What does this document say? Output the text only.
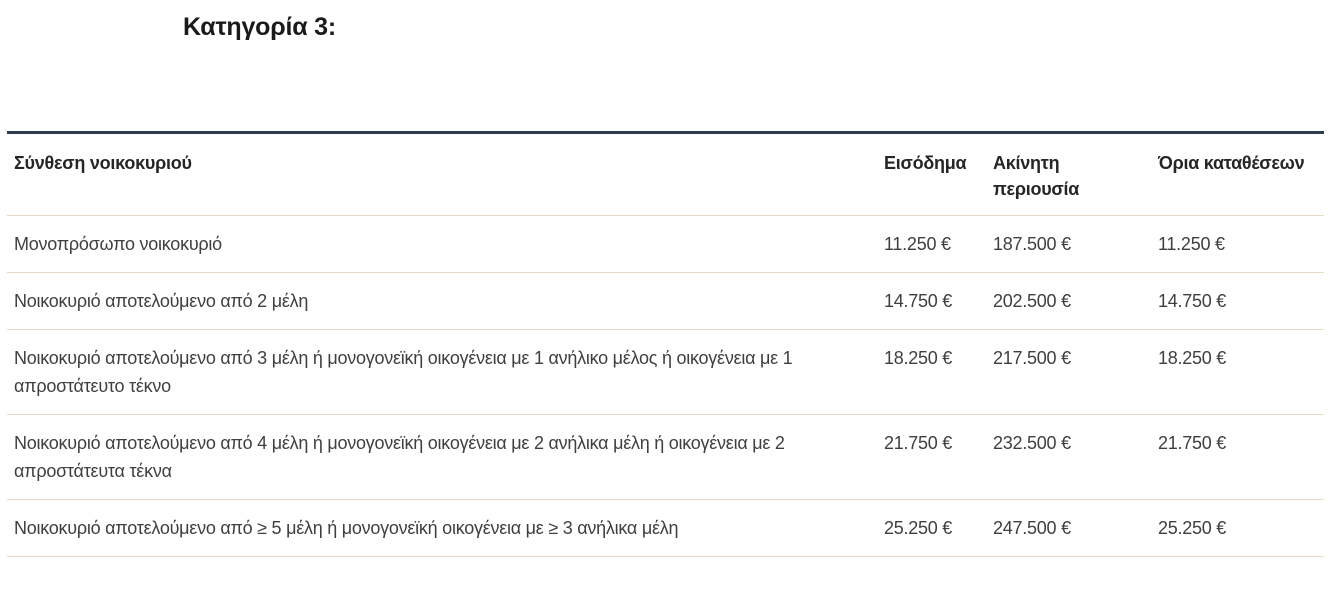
Κατηγορία 3:
Σύνθεση νοικοκυριού	Εισόδημα	Ακίνητη περιουσία	Όρια καταθέσεων
Μονοπρόσωπο νοικοκυριό	11.250 €	187.500 €	11.250 €
Νοικοκυριό αποτελούμενο από 2 μέλη	14.750 €	202.500 €	14.750 €
Νοικοκυριό αποτελούμενο από 3 μέλη ή μονογονεϊκή οικογένεια με 1 ανήλικο μέλος ή οικογένεια με 1 απροστάτευτο τέκνο	18.250 €	217.500 €	18.250 €
Νοικοκυριό αποτελούμενο από 4 μέλη ή μονογονεϊκή οικογένεια με 2 ανήλικα μέλη ή οικογένεια με 2 απροστάτευτα τέκνα	21.750 €	232.500 €	21.750 €
Νοικοκυριό αποτελούμενο από ≥ 5 μέλη ή μονογονεϊκή οικογένεια με ≥ 3 ανήλικα μέλη	25.250 €	247.500 €	25.250 €
